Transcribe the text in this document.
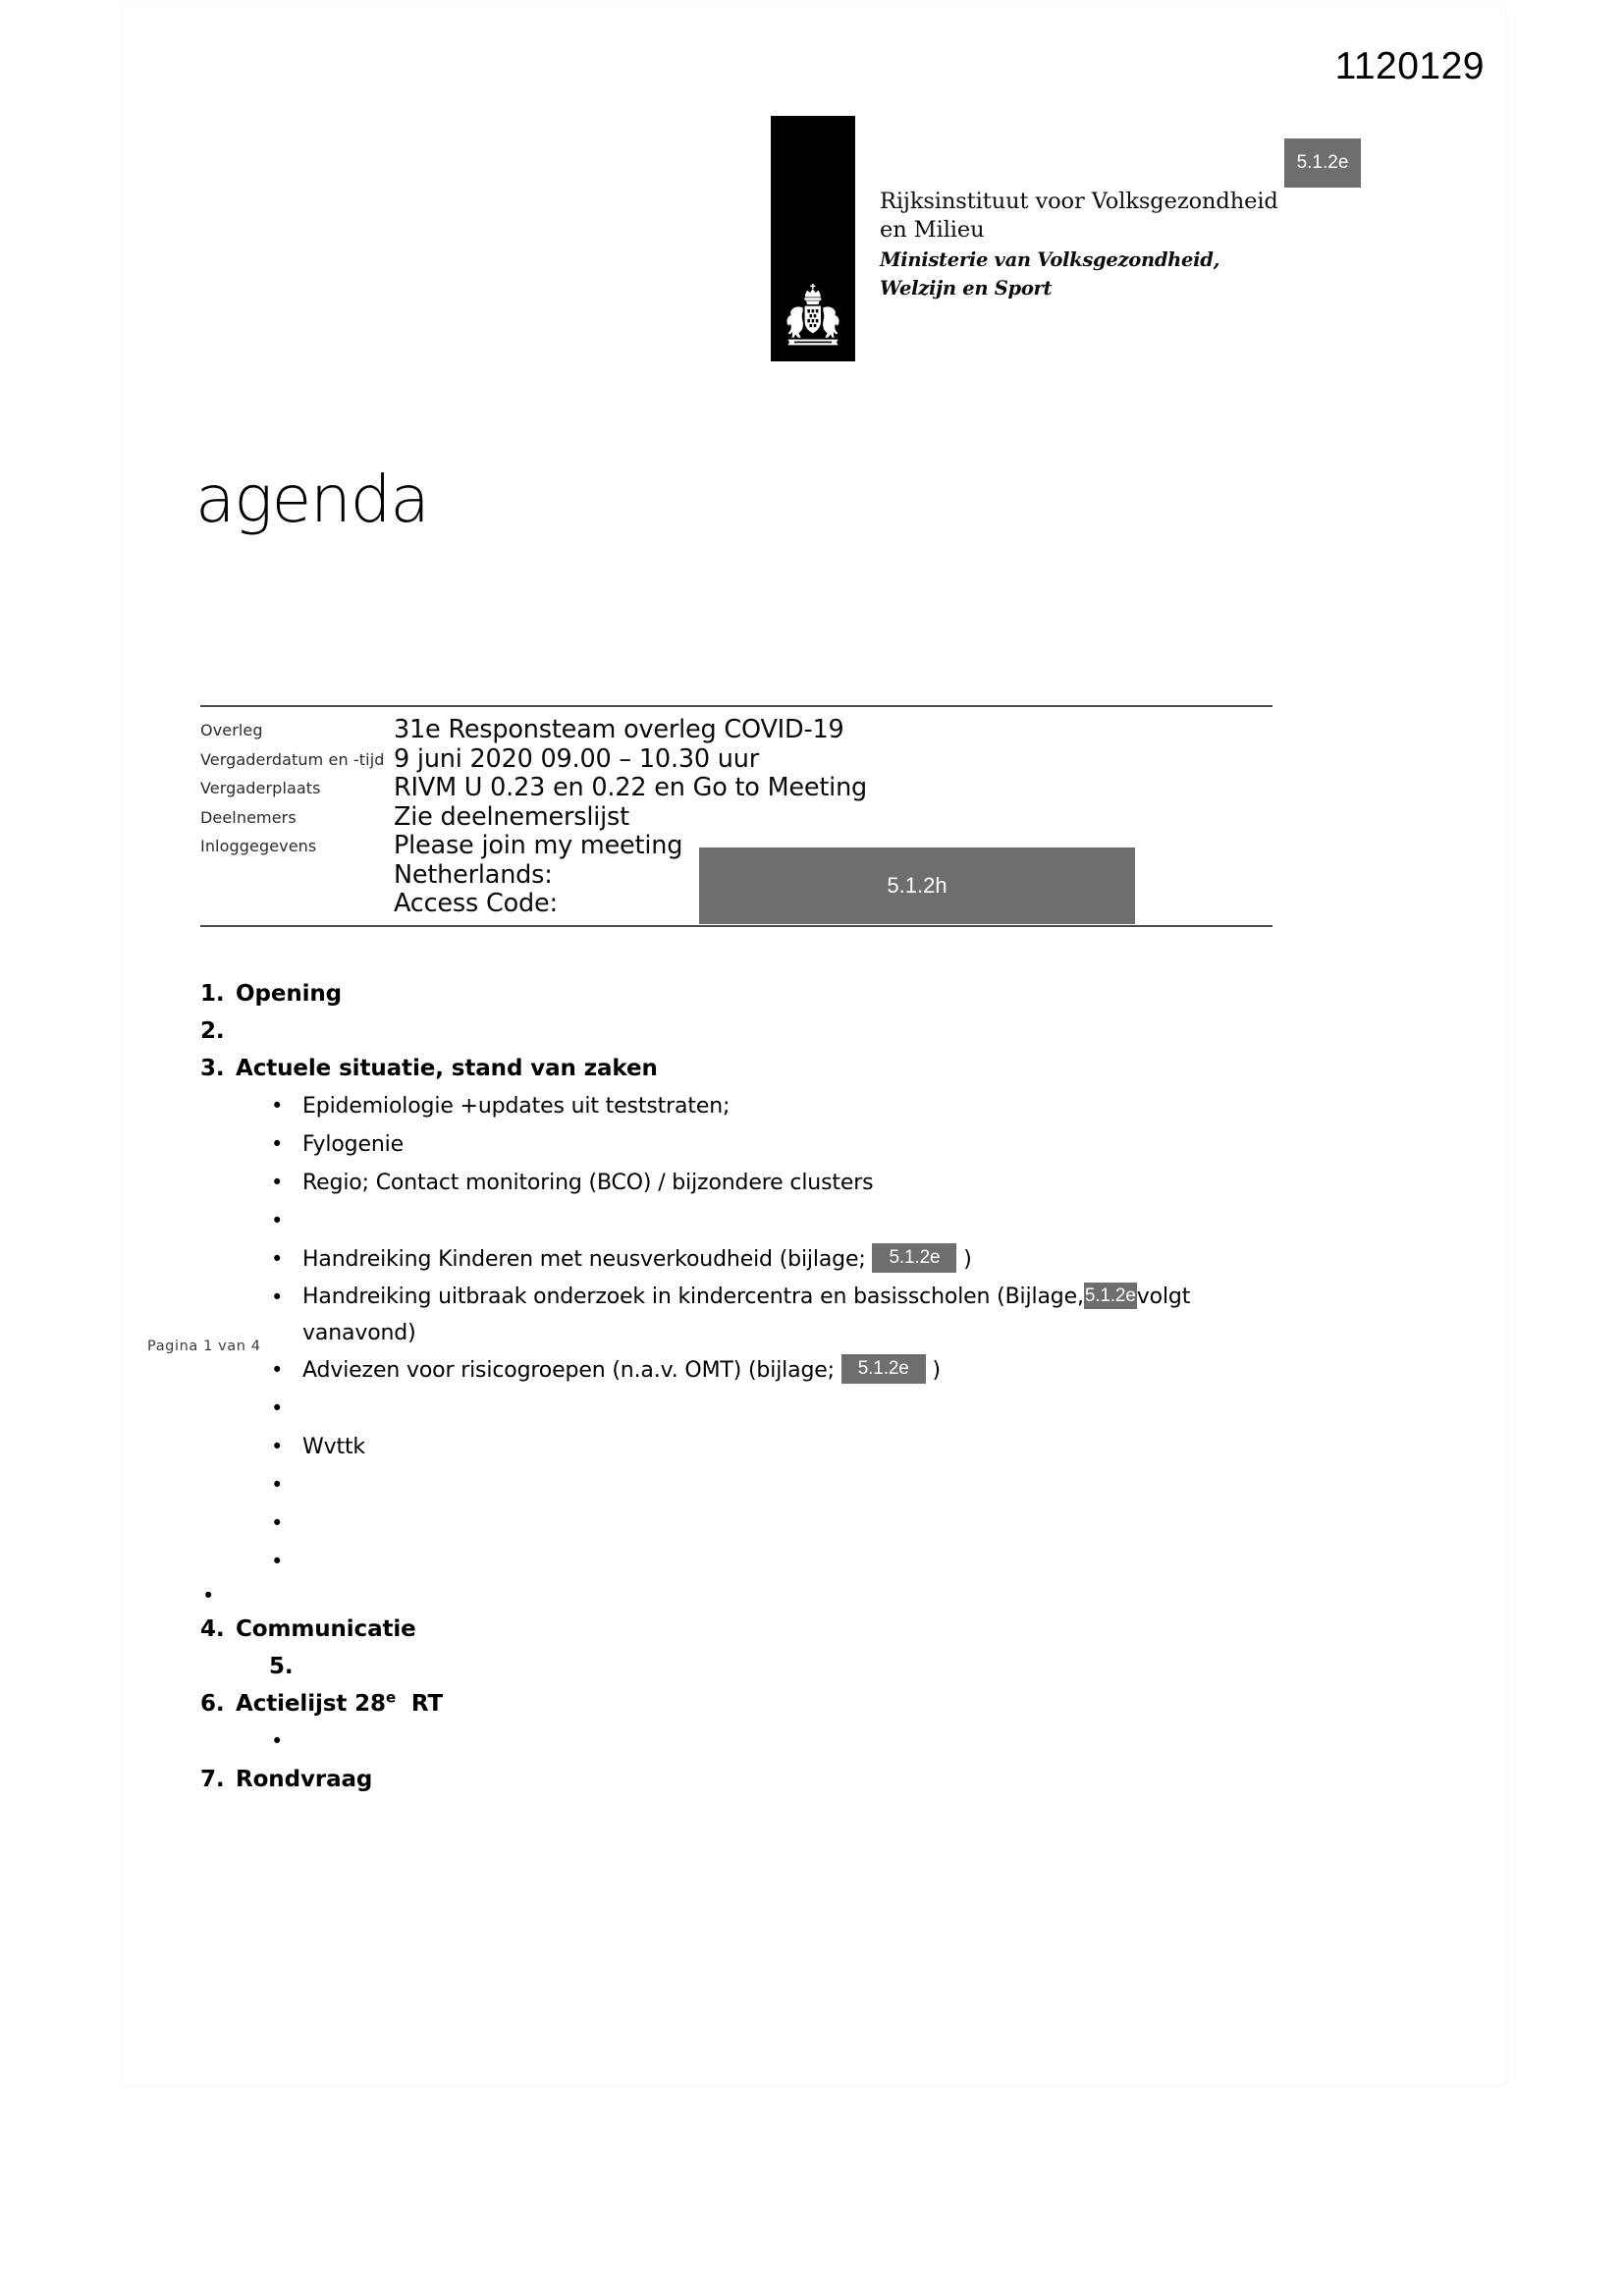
1120129
5.1.2e
Rijksinstituut voor Volksgezondheid
en Milieu
Ministerie van Volksgezondheid,
Welzijn en Sport
agenda
Overleg	31e Responsteam overleg COVID-19
Vergaderdatum en -tijd 9 juni 2020 09.00 – 10.30 uur
Vergaderplaats	RIVM U 0.23 en 0.22 en Go to Meeting
Deelnemers	Zie deelnemerslijst
Inloggegevens	Please join my meeting
Netherlands:
Access Code:
5.1.2h
1. Opening
2.
3. Actuele situatie, stand van zaken
• Epidemiologie +updates uit teststraten;
• Fylogenie
• Regio; Contact monitoring (BCO) / bijzondere clusters
•
• Handreiking Kinderen met neusverkoudheid (bijlage; 5.1.2e )
• Handreiking uitbraak onderzoek in kindercentra en basisscholen (Bijlage,5.1.2evolgt
vanavond)
• Adviezen voor risicogroepen (n.a.v. OMT) (bijlage; 5.1.2e )
•
• Wvttk
•
•
•
•
4. Communicatie
5.
6. Actielijst 28e RT
•
7. Rondvraag
Pagina 1 van 4
